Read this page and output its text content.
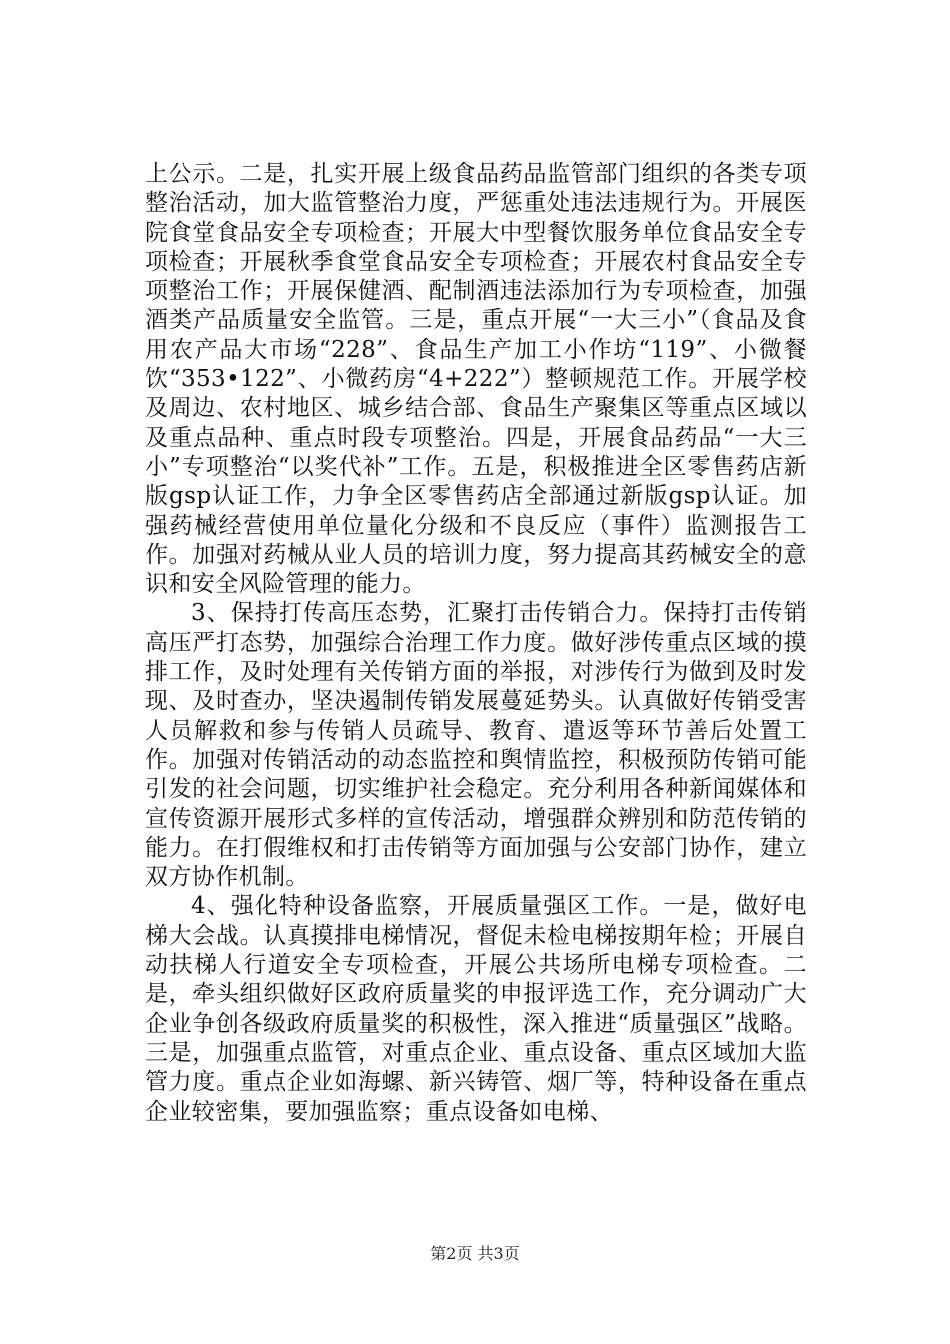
上公示。二是，扎实开展上级食品药品监管部门组织的各类专项整治活动，加大监管整治力度，严惩重处违法违规行为。开展医院食堂食品安全专项检查；开展大中型餐饮服务单位食品安全专项检查；开展秋季食堂食品安全专项检查；开展农村食品安全专项整治工作；开展保健酒、配制酒违法添加行为专项检查，加强酒类产品质量安全监管。三是，重点开展“一大三小”（食品及食用农产品大市场“228”、食品生产加工小作坊“119”、小微餐饮“353•122”、小微药房“4+222”）整顿规范工作。开展学校及周边、农村地区、城乡结合部、食品生产聚集区等重点区域以及重点品种、重点时段专项整治。四是，开展食品药品“一大三小”专项整治“以奖代补”工作。五是，积极推进全区零售药店新版gsp认证工作，力争全区零售药店全部通过新版gsp认证。加强药械经营使用单位量化分级和不良反应（事件）监测报告工作。加强对药械从业人员的培训力度，努力提高其药械安全的意识和安全风险管理的能力。

3、保持打传高压态势，汇聚打击传销合力。保持打击传销高压严打态势，加强综合治理工作力度。做好涉传重点区域的摸排工作，及时处理有关传销方面的举报，对涉传行为做到及时发现、及时查办，坚决遏制传销发展蔓延势头。认真做好传销受害人员解救和参与传销人员疏导、教育、遣返等环节善后处置工作。加强对传销活动的动态监控和舆情监控，积极预防传销可能引发的社会问题，切实维护社会稳定。充分利用各种新闻媒体和宣传资源开展形式多样的宣传活动，增强群众辨别和防范传销的能力。在打假维权和打击传销等方面加强与公安部门协作，建立双方协作机制。

4、强化特种设备监察，开展质量强区工作。一是，做好电梯大会战。认真摸排电梯情况，督促未检电梯按期年检；开展自动扶梯人行道安全专项检查，开展公共场所电梯专项检查。二是，牵头组织做好区政府质量奖的申报评选工作，充分调动广大企业争创各级政府质量奖的积极性，深入推进“质量强区”战略。三是，加强重点监管，对重点企业、重点设备、重点区域加大监管力度。重点企业如海螺、新兴铸管、烟厂等，特种设备在重点企业较密集，要加强监察；重点设备如电梯、

第2页 共3页
